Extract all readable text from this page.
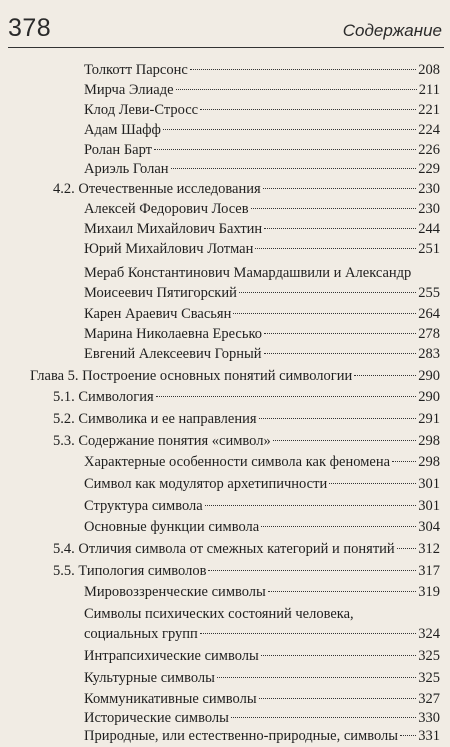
378	Содержание
Толкотт Парсонс	208
Мирча Элиаде	211
Клод Леви-Стросс	221
Адам Шафф	224
Ролан Барт	226
Ариэль Голан	229
4.2. Отечественные исследования	230
Алексей Федорович Лосев	230
Михаил Михайлович Бахтин	244
Юрий Михайлович Лотман	251
Мераб Константинович Мамардашвили и Александр
Моисеевич Пятигорский	255
Карен Араевич Свасьян	264
Марина Николаевна Ересько	278
Евгений Алексеевич Горный	283
Глава 5. Построение основных понятий символогии	290
5.1. Симвология	290
5.2. Символика и ее направления	291
5.3. Содержание понятия «символ»	298
Характерные особенности символа как феномена 298
Символ как модулятор архетипичности	301
Структура символа	301
Основные функции символа	304
5.4. Отличия символа от смежных категорий и понятий 312
5.5. Типология символов	317
Мировоззренческие символы	319
Символы психических состояний человека,
социальных групп	324
Интрапсихические символы	325
Культурные символы	325
Коммуникативные символы	327
Исторические символы	330
Природные, или естественно-природные, символы 331
